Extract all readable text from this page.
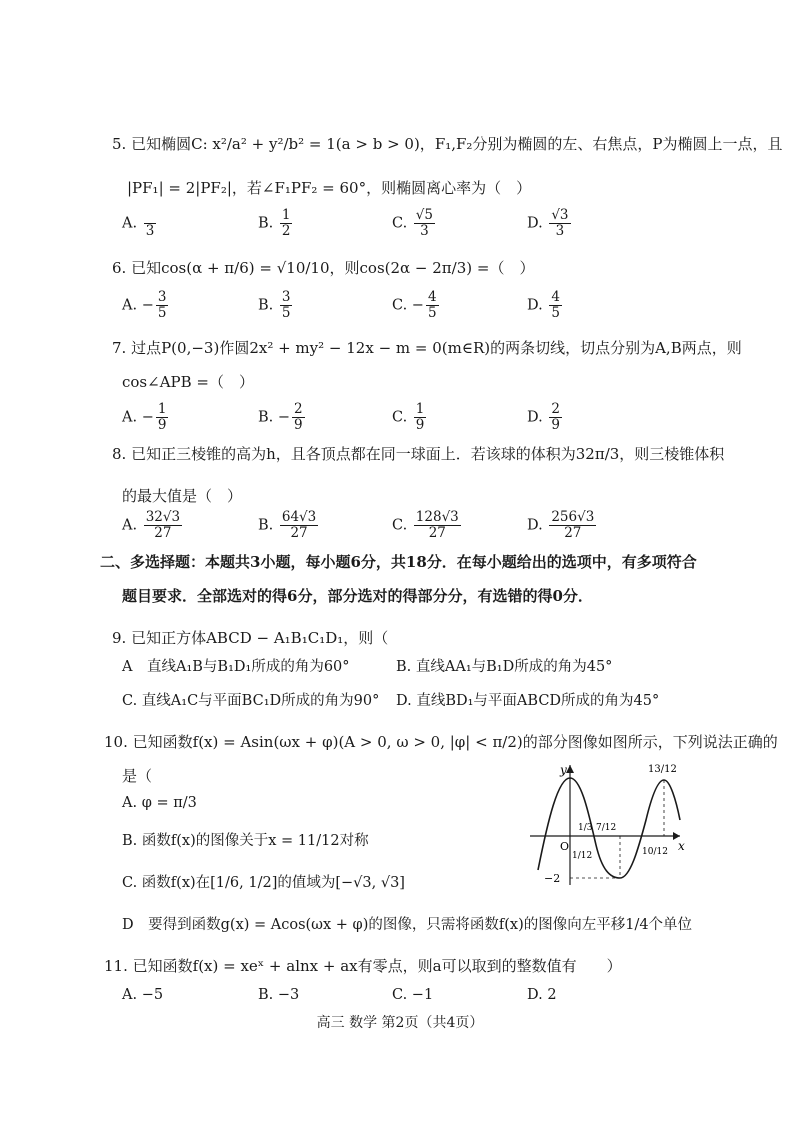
5. 已知椭圆C: x²/a² + y²/b² = 1(a > b > 0)，F₁,F₂分别为椭圆的左、右焦点，P为椭圆上一点，且
|PF₁| = 2|PF₂|，若∠F₁PF₂ = 60°，则椭圆离心率为（　）
A.
3	B. $\frac{1}{2}$	C. $\frac{√5}{3}$	D. $\frac{√3}{3}$
6. 已知cos(α + π/6) = √10/10，则cos(2α − 2π/3) =（　）
A. − $\frac{3}{5}$	B. $\frac{3}{5}$	C. − $\frac{4}{5}$	D. $\frac{4}{5}$
7. 过点P(0,−3)作圆2x² + my² − 12x − m = 0(m∈R)的两条切线，切点分别为A,B两点，则
cos∠APB =（　）
A. − $\frac{1}{9}$	B. − $\frac{2}{9}$	C. $\frac{1}{9}$	D. $\frac{2}{9}$
8. 已知正三棱锥的高为h，且各顶点都在同一球面上．若该球的体积为32π/3，则三棱锥体积
的最大值是（　）
A. $\frac{32√3}{27}$	B. $\frac{64√3}{27}$	C. $\frac{128√3}{27}$	D. $\frac{256√3}{27}$
二、多选择题：本题共3小题，每小题6分，共18分．在每小题给出的选项中，有多项符合
题目要求．全部选对的得6分，部分选对的得部分分，有选错的得0分．
9. 已知正方体ABCD − A₁B₁C₁D₁，则（
A　直线A₁B与B₁D₁所成的角为60°	B. 直线AA₁与B₁D所成的角为45°
C. 直线A₁C与平面BC₁D所成的角为90° D. 直线BD₁与平面ABCD所成的角为45°
10. 已知函数f(x) = Asin(ωx + φ)(A > 0, ω > 0, |φ| < π/2)的部分图像如图所示，下列说法正确的
是（
A. φ = π/3
B. 函数f(x)的图像关于x = 11/12对称
C. 函数f(x)在[1/6, 1/2]的值域为[−√3, √3]
D　要得到函数g(x) = Acos(ωx + φ)的图像，只需将函数f(x)的图像向左平移1/4个单位
y
x
O
−2
13/12
1/12
1/3 7/12
10/12
11. 已知函数f(x) = xeˣ + alnx + ax有零点，则a可以取到的整数值有　　）
A. −5	B. −3	C. −1	D. 2
高三 数学 第2页（共4页）
